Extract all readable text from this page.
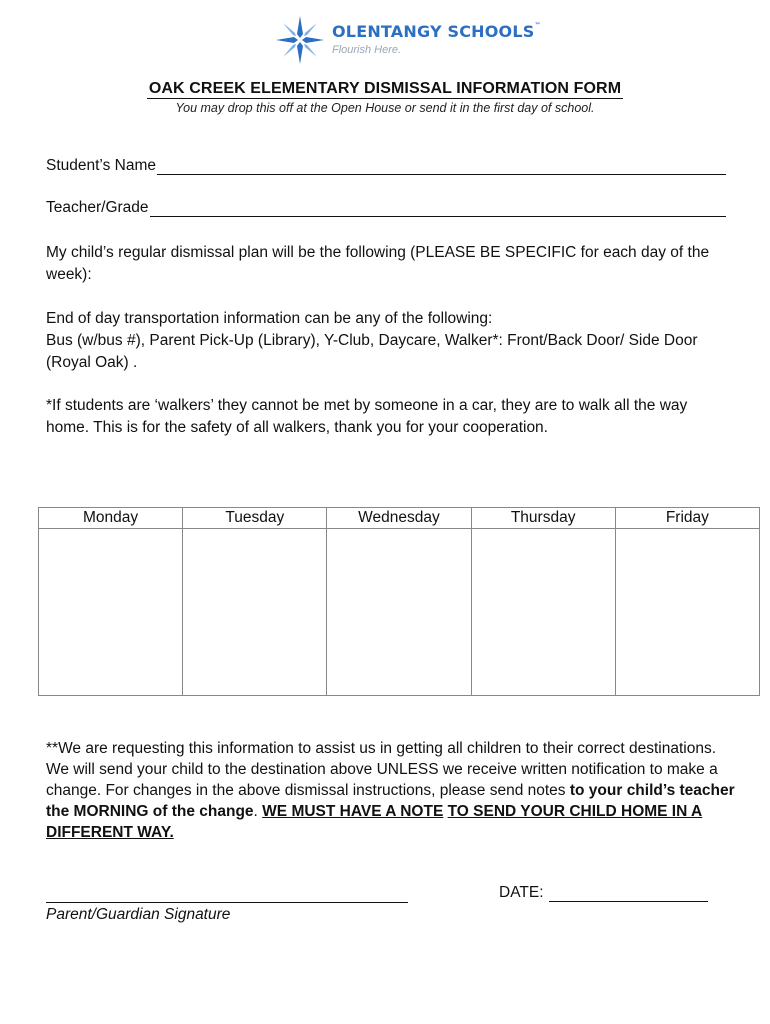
OLENTANGY SCHOOLS™
Flourish Here.
OAK CREEK ELEMENTARY DISMISSAL INFORMATION FORM
You may drop this off at the Open House or send it in the first day of school.
Student’s Name
Teacher/Grade
My child’s regular dismissal plan will be the following (PLEASE BE SPECIFIC for each day of the week):
End of day transportation information can be any of the following:
Bus (w/bus #), Parent Pick-Up (Library), Y-Club, Daycare, Walker*: Front/Back Door/ Side Door (Royal Oak) .
*If students are ‘walkers’ they cannot be met by someone in a car, they are to walk all the way home. This is for the safety of all walkers, thank you for your cooperation.
Monday	Tuesday	Wednesday	Thursday	Friday

**We are requesting this information to assist us in getting all children to their correct destinations. We will send your child to the destination above UNLESS we receive written notification to make a change. For changes in the above dismissal instructions, please send notes to your child’s teacher the MORNING of the change. WE MUST HAVE A NOTE TO SEND YOUR CHILD HOME IN A DIFFERENT WAY.
Parent/Guardian Signature
DATE:
